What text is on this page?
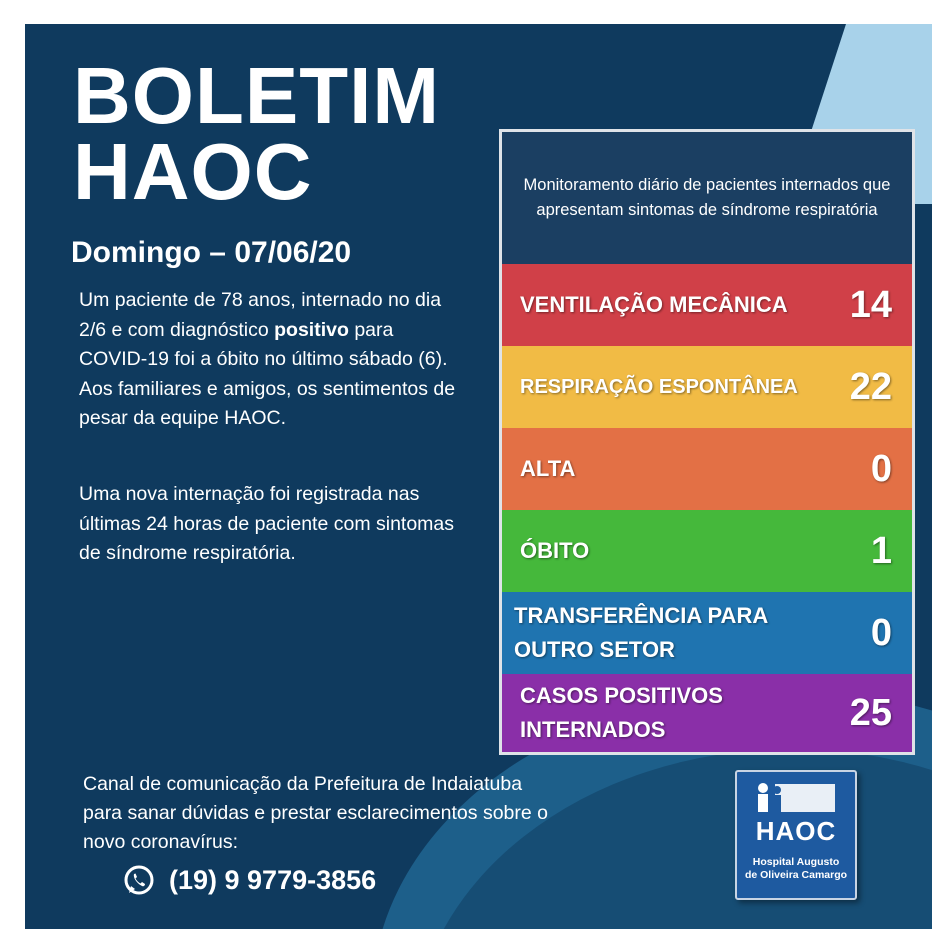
BOLETIM
HAOC
Domingo – 07/06/20

Um paciente de 78 anos, internado no dia 2/6 e com diagnóstico positivo para COVID-19 foi a óbito no último sábado (6). Aos familiares e amigos, os sentimentos de pesar da equipe HAOC.

Uma nova internação foi registrada nas últimas 24 horas de paciente com sintomas de síndrome respiratória.

Monitoramento diário de pacientes internados que apresentam sintomas de síndrome respiratória
VENTILAÇÃO MECÂNICA 14
RESPIRAÇÃO ESPONTÂNEA 22
ALTA	0
ÓBITO	1
TRANSFERÊNCIA PARA
OUTRO SETOR	0
CASOS POSITIVOS
INTERNADOS	25

Canal de comunicação da Prefeitura de Indaiatuba para sanar dúvidas e prestar esclarecimentos sobre o novo coronavírus:

(19) 9 9779-3856
HAOC
Hospital Augusto
de Oliveira Camargo
